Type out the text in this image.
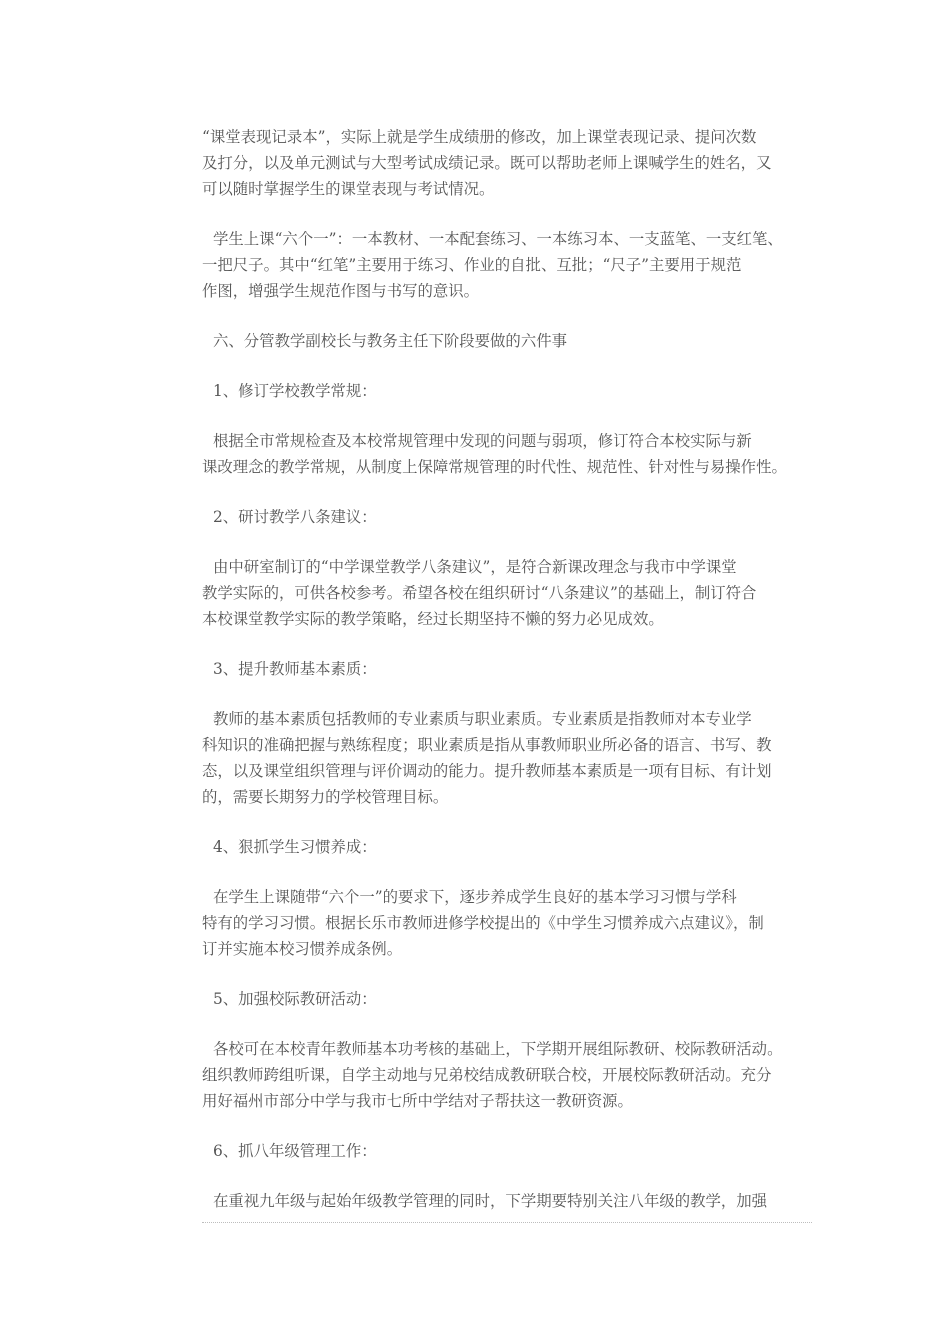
“课堂表现记录本”，实际上就是学生成绩册的修改，加上课堂表现记录、提问次数
及打分，以及单元测试与大型考试成绩记录。既可以帮助老师上课喊学生的姓名，又
可以随时掌握学生的课堂表现与考试情况。
学生上课“六个一”：一本教材、一本配套练习、一本练习本、一支蓝笔、一支红笔、
一把尺子。其中“红笔”主要用于练习、作业的自批、互批；“尺子”主要用于规范
作图，增强学生规范作图与书写的意识。
六、分管教学副校长与教务主任下阶段要做的六件事
1、修订学校教学常规：
根据全市常规检查及本校常规管理中发现的问题与弱项，修订符合本校实际与新
课改理念的教学常规，从制度上保障常规管理的时代性、规范性、针对性与易操作性。
2、研讨教学八条建议：
由中研室制订的“中学课堂教学八条建议”，是符合新课改理念与我市中学课堂
教学实际的，可供各校参考。希望各校在组织研讨“八条建议”的基础上，制订符合
本校课堂教学实际的教学策略，经过长期坚持不懒的努力必见成效。
3、提升教师基本素质：
教师的基本素质包括教师的专业素质与职业素质。专业素质是指教师对本专业学
科知识的准确把握与熟练程度；职业素质是指从事教师职业所必备的语言、书写、教
态，以及课堂组织管理与评价调动的能力。提升教师基本素质是一项有目标、有计划
的，需要长期努力的学校管理目标。
4、狠抓学生习惯养成：
在学生上课随带“六个一”的要求下，逐步养成学生良好的基本学习习惯与学科
特有的学习习惯。根据长乐市教师进修学校提出的《中学生习惯养成六点建议》，制
订并实施本校习惯养成条例。
5、加强校际教研活动：
各校可在本校青年教师基本功考核的基础上，下学期开展组际教研、校际教研活动。
组织教师跨组听课，自学主动地与兄弟校结成教研联合校，开展校际教研活动。充分
用好福州市部分中学与我市七所中学结对子帮扶这一教研资源。
6、抓八年级管理工作：
在重视九年级与起始年级教学管理的同时，下学期要特别关注八年级的教学，加强
